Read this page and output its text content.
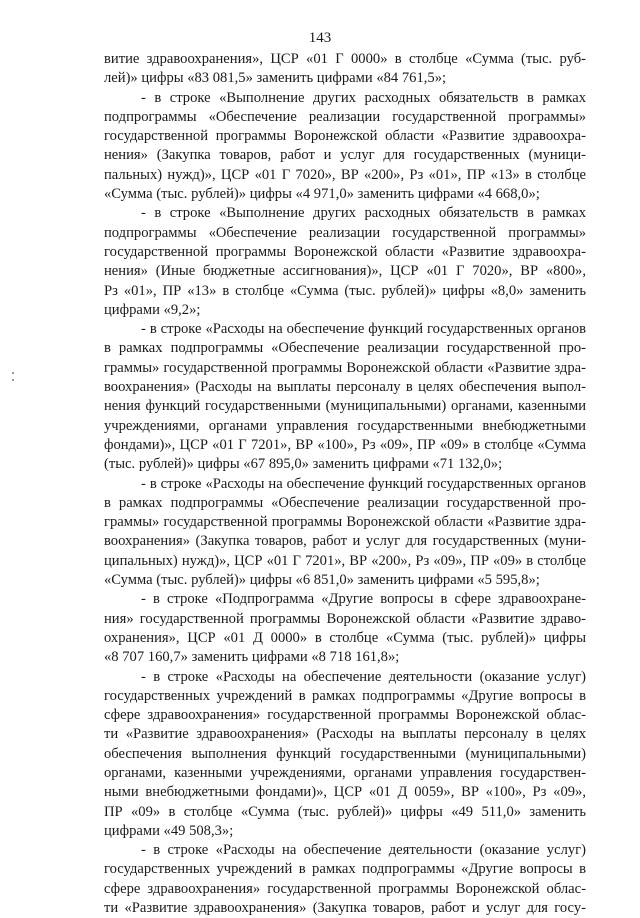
143
витие здравоохранения», ЦСР «01 Г 0000» в столбце «Сумма (тыс. руб-
лей)» цифры «83 081,5» заменить цифрами «84 761,5»;
- в строке «Выполнение других расходных обязательств в рамках
подпрограммы «Обеспечение реализации государственной программы»
государственной программы Воронежской области «Развитие здравоохра-
нения» (Закупка товаров, работ и услуг для государственных (муници-
пальных) нужд)», ЦСР «01 Г 7020», ВР «200», Рз «01», ПР «13» в столбце
«Сумма (тыс. рублей)» цифры «4 971,0» заменить цифрами «4 668,0»;
- в строке «Выполнение других расходных обязательств в рамках
подпрограммы «Обеспечение реализации государственной программы»
государственной программы Воронежской области «Развитие здравоохра-
нения» (Иные бюджетные ассигнования)», ЦСР «01 Г 7020», ВР «800»,
Рз «01», ПР «13» в столбце «Сумма (тыс. рублей)» цифры «8,0» заменить
цифрами «9,2»;
- в строке «Расходы на обеспечение функций государственных органов
в рамках подпрограммы «Обеспечение реализации государственной про-
граммы» государственной программы Воронежской области «Развитие здра-
воохранения» (Расходы на выплаты персоналу в целях обеспечения выпол-
нения функций государственными (муниципальными) органами, казенными
учреждениями, органами управления государственными внебюджетными
фондами)», ЦСР «01 Г 7201», ВР «100», Рз «09», ПР «09» в столбце «Сумма
(тыс. рублей)» цифры «67 895,0» заменить цифрами «71 132,0»;
- в строке «Расходы на обеспечение функций государственных органов
в рамках подпрограммы «Обеспечение реализации государственной про-
граммы» государственной программы Воронежской области «Развитие здра-
воохранения» (Закупка товаров, работ и услуг для государственных (муни-
ципальных) нужд)», ЦСР «01 Г 7201», ВР «200», Рз «09», ПР «09» в столбце
«Сумма (тыс. рублей)» цифры «6 851,0» заменить цифрами «5 595,8»;
- в строке «Подпрограмма «Другие вопросы в сфере здравоохране-
ния» государственной программы Воронежской области «Развитие здраво-
охранения», ЦСР «01 Д 0000» в столбце «Сумма (тыс. рублей)» цифры
«8 707 160,7» заменить цифрами «8 718 161,8»;
- в строке «Расходы на обеспечение деятельности (оказание услуг)
государственных учреждений в рамках подпрограммы «Другие вопросы в
сфере здравоохранения» государственной программы Воронежской облас-
ти «Развитие здравоохранения» (Расходы на выплаты персоналу в целях
обеспечения выполнения функций государственными (муниципальными)
органами, казенными учреждениями, органами управления государствен-
ными внебюджетными фондами)», ЦСР «01 Д 0059», ВР «100», Рз «09»,
ПР «09» в столбце «Сумма (тыс. рублей)» цифры «49 511,0» заменить
цифрами «49 508,3»;
- в строке «Расходы на обеспечение деятельности (оказание услуг)
государственных учреждений в рамках подпрограммы «Другие вопросы в
сфере здравоохранения» государственной программы Воронежской облас-
ти «Развитие здравоохранения» (Закупка товаров, работ и услуг для госу-
